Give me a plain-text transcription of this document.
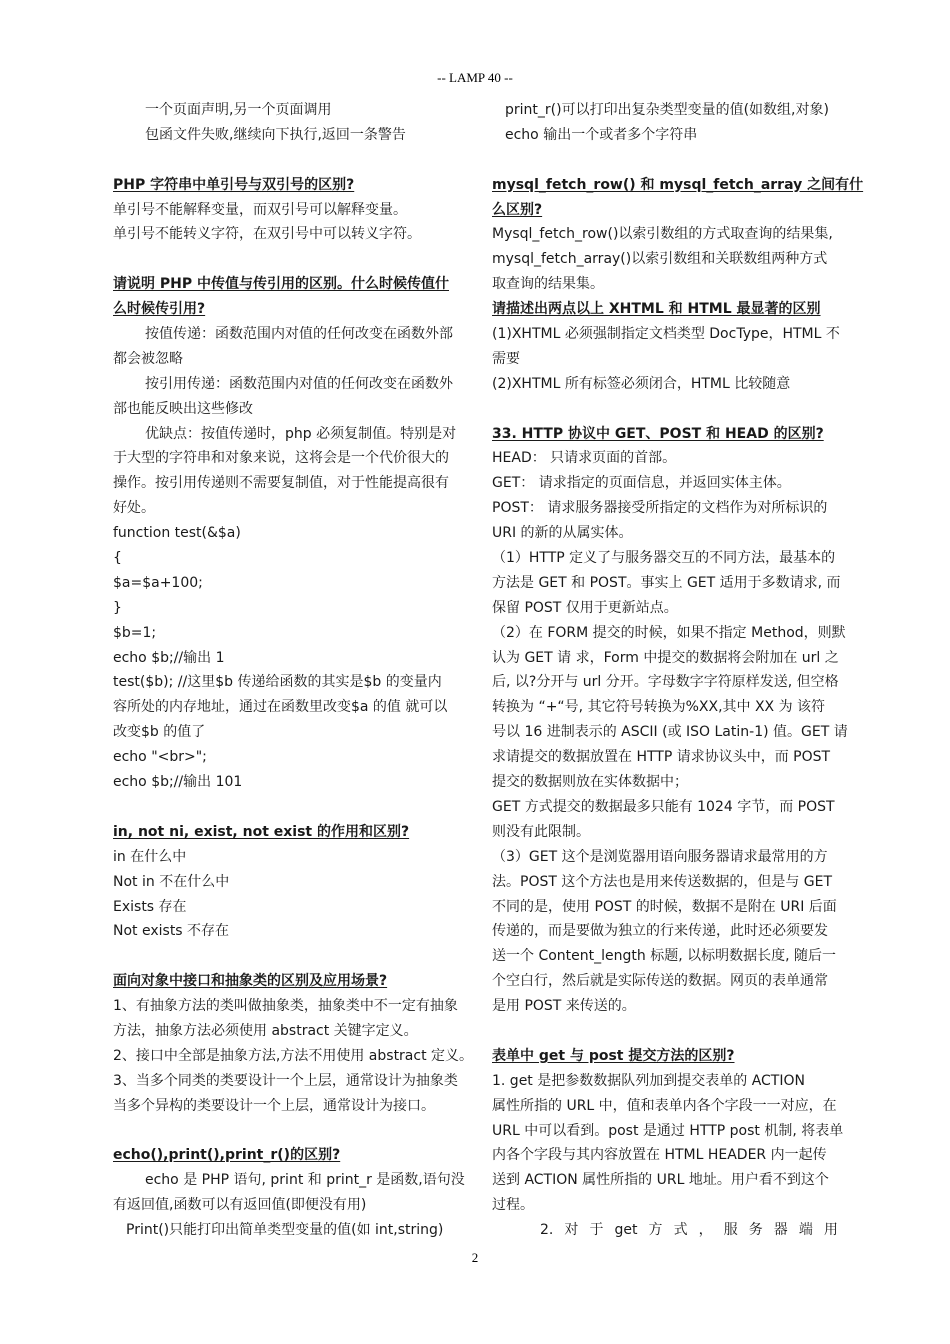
-- LAMP 40 --
一个页面声明,另一个页面调用
包函文件失败,继续向下执行,返回一条警告
PHP 字符串中单引号与双引号的区别?
单引号不能解释变量，而双引号可以解释变量。
单引号不能转义字符，在双引号中可以转义字符。
请说明 PHP 中传值与传引用的区别。什么时候传值什
么时候传引用?
按值传递：函数范围内对值的任何改变在函数外部
都会被忽略
按引用传递：函数范围内对值的任何改变在函数外
部也能反映出这些修改
优缺点：按值传递时，php 必须复制值。特别是对
于大型的字符串和对象来说，这将会是一个代价很大的
操作。按引用传递则不需要复制值，对于性能提高很有
好处。
function test(&$a)
{
$a=$a+100;
}
$b=1;
echo $b;//输出 1
test($b); //这里$b 传递给函数的其实是$b 的变量内
容所处的内存地址，通过在函数里改变$a 的值 就可以
改变$b 的值了
echo "<br>";
echo $b;//输出 101
in, not ni, exist, not exist 的作用和区别?
in 在什么中
Not in 不在什么中
Exists 存在
Not exists 不存在
面向对象中接口和抽象类的区别及应用场景?
1、有抽象方法的类叫做抽象类，抽象类中不一定有抽象
方法，抽象方法必须使用 abstract 关键字定义。
2、接口中全部是抽象方法,方法不用使用 abstract 定义。
3、当多个同类的类要设计一个上层，通常设计为抽象类
当多个异构的类要设计一个上层，通常设计为接口。
echo(),print(),print_r()的区别?
echo 是 PHP 语句, print 和 print_r 是函数,语句没
有返回值,函数可以有返回值(即便没有用)
Print()只能打印出简单类型变量的值(如 int,string)
print_r()可以打印出复杂类型变量的值(如数组,对象)
echo 输出一个或者多个字符串
mysql_fetch_row() 和 mysql_fetch_array 之间有什
么区别?
Mysql_fetch_row()以索引数组的方式取查询的结果集,
mysql_fetch_array()以索引数组和关联数组两种方式
取查询的结果集。
请描述出两点以上 XHTML 和 HTML 最显著的区别
(1)XHTML 必须强制指定文档类型 DocType，HTML 不
需要
(2)XHTML 所有标签必须闭合，HTML 比较随意
33. HTTP 协议中 GET、POST 和 HEAD 的区别?
HEAD： 只请求页面的首部。
GET： 请求指定的页面信息，并返回实体主体。
POST： 请求服务器接受所指定的文档作为对所标识的
URI 的新的从属实体。
（1）HTTP 定义了与服务器交互的不同方法，最基本的
方法是 GET 和 POST。事实上 GET 适用于多数请求, 而
保留 POST 仅用于更新站点。
（2）在 FORM 提交的时候，如果不指定 Method，则默
认为 GET 请 求，Form 中提交的数据将会附加在 url 之
后, 以?分开与 url 分开。字母数字字符原样发送, 但空格
转换为 “+“号, 其它符号转换为%XX,其中 XX 为 该符
号以 16 进制表示的 ASCII (或 ISO Latin-1) 值。GET 请
求请提交的数据放置在 HTTP 请求协议头中，而 POST
提交的数据则放在实体数据中；
GET 方式提交的数据最多只能有 1024 字节，而 POST
则没有此限制。
（3）GET 这个是浏览器用语向服务器请求最常用的方
法。POST 这个方法也是用来传送数据的，但是与 GET
不同的是，使用 POST 的时候，数据不是附在 URI 后面
传递的，而是要做为独立的行来传递，此时还必须要发
送一个 Content_length 标题, 以标明数据长度, 随后一
个空白行，然后就是实际传送的数据。网页的表单通常
是用 POST 来传送的。
表单中 get 与 post 提交方法的区别?
1. get 是把参数数据队列加到提交表单的 ACTION
属性所指的 URL 中，值和表单内各个字段一一对应，在
URL 中可以看到。post 是通过 HTTP post 机制, 将表单
内各个字段与其内容放置在 HTML HEADER 内一起传
送到 ACTION 属性所指的 URL 地址。用户看不到这个
过程。
2. 对 于 get 方 式 ， 服 务 器 端 用
2
